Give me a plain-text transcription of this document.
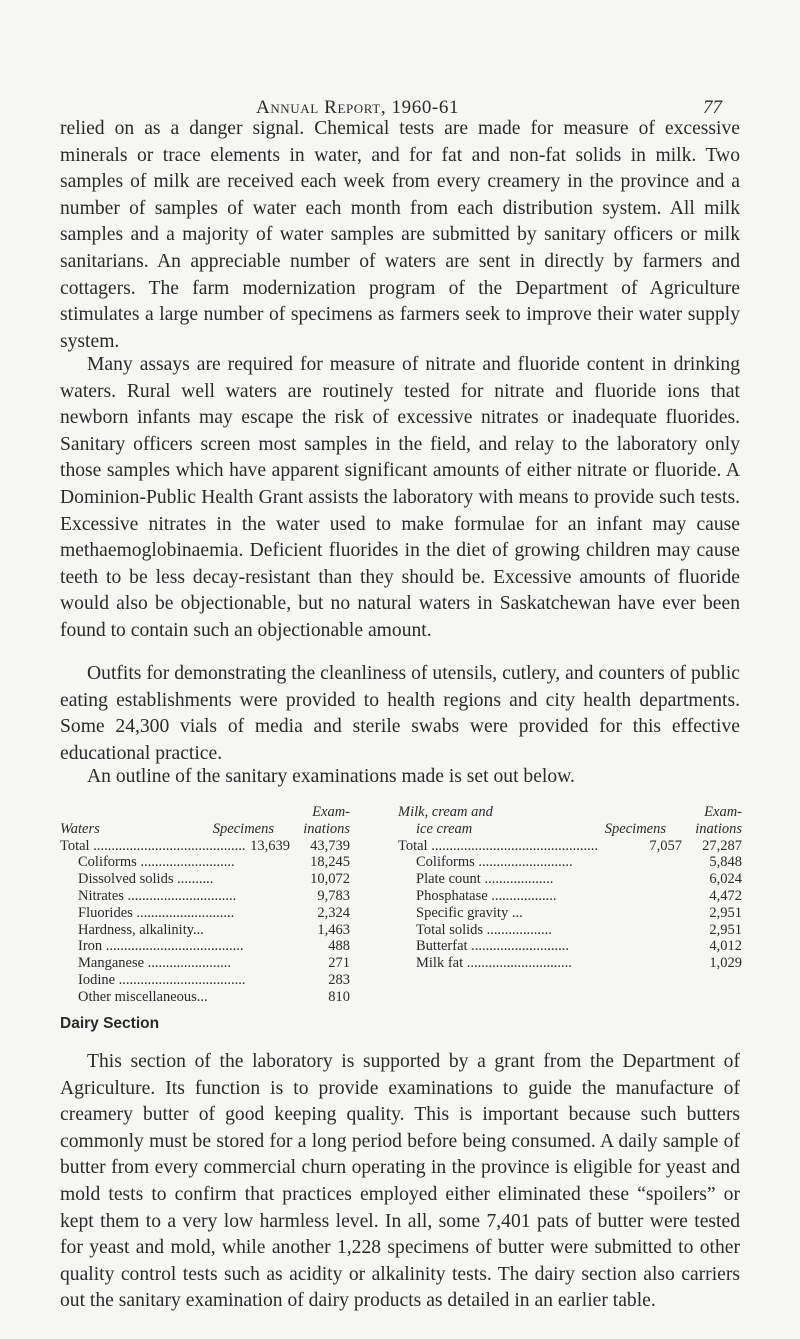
Annual Report, 1960-61	77

relied on as a danger signal. Chemical tests are made for measure of excessive minerals or trace elements in water, and for fat and non-fat solids in milk. Two samples of milk are received each week from every creamery in the province and a number of samples of water each month from each distribution system. All milk samples and a majority of water samples are submitted by sanitary officers or milk sanitarians. An appreciable number of waters are sent in directly by farmers and cottagers. The farm modernization program of the Department of Agriculture stimulates a large number of specimens as farmers seek to improve their water supply system.

Many assays are required for measure of nitrate and fluoride content in drinking waters. Rural well waters are routinely tested for nitrate and fluoride ions that newborn infants may escape the risk of excessive nitrates or inadequate fluorides. Sanitary officers screen most samples in the field, and relay to the laboratory only those samples which have apparent significant amounts of either nitrate or fluoride. A Dominion-Public Health Grant assists the laboratory with means to provide such tests. Excessive nitrates in the water used to make formulae for an infant may cause methaemoglobinaemia. Deficient fluorides in the diet of growing children may cause teeth to be less decay-resistant than they should be. Excessive amounts of fluoride would also be objectionable, but no natural waters in Saskatchewan have ever been found to contain such an objectionable amount.

Outfits for demonstrating the cleanliness of utensils, cutlery, and counters of public eating establishments were provided to health regions and city health departments. Some 24,300 vials of media and sterile swabs were provided for this effective educational practice.

An outline of the sanitary examinations made is set out below.

Exam-
Waters	Specimens inations
Total .......................................... 13,639 43,739
Coliforms ..........................	18,245
Dissolved solids ..........	10,072
Nitrates ..............................	9,783
Fluorides ...........................	2,324
Hardness, alkalinity...	1,463
Iron ......................................	488
Manganese .......................	271
Iodine ...................................	283
Other miscellaneous...	810
Milk, cream and	Exam-
ice cream	Specimens inations
Total ..............................................	7,057 27,287
Coliforms ..........................	5,848
Plate count ...................	6,024
Phosphatase ..................	4,472
Specific gravity ...	2,951
Total solids ..................	2,951
Butterfat ...........................	4,012
Milk fat .............................	1,029
Dairy Section

This section of the laboratory is supported by a grant from the Department of Agriculture. Its function is to provide examinations to guide the manufacture of creamery butter of good keeping quality. This is important because such butters commonly must be stored for a long period before being consumed. A daily sample of butter from every commercial churn operating in the province is eligible for yeast and mold tests to confirm that practices employed either eliminated these “spoilers” or kept them to a very low harmless level. In all, some 7,401 pats of butter were tested for yeast and mold, while another 1,228 specimens of butter were submitted to other quality control tests such as acidity or alkalinity tests. The dairy section also carriers out the sanitary examination of dairy products as detailed in an earlier table.
